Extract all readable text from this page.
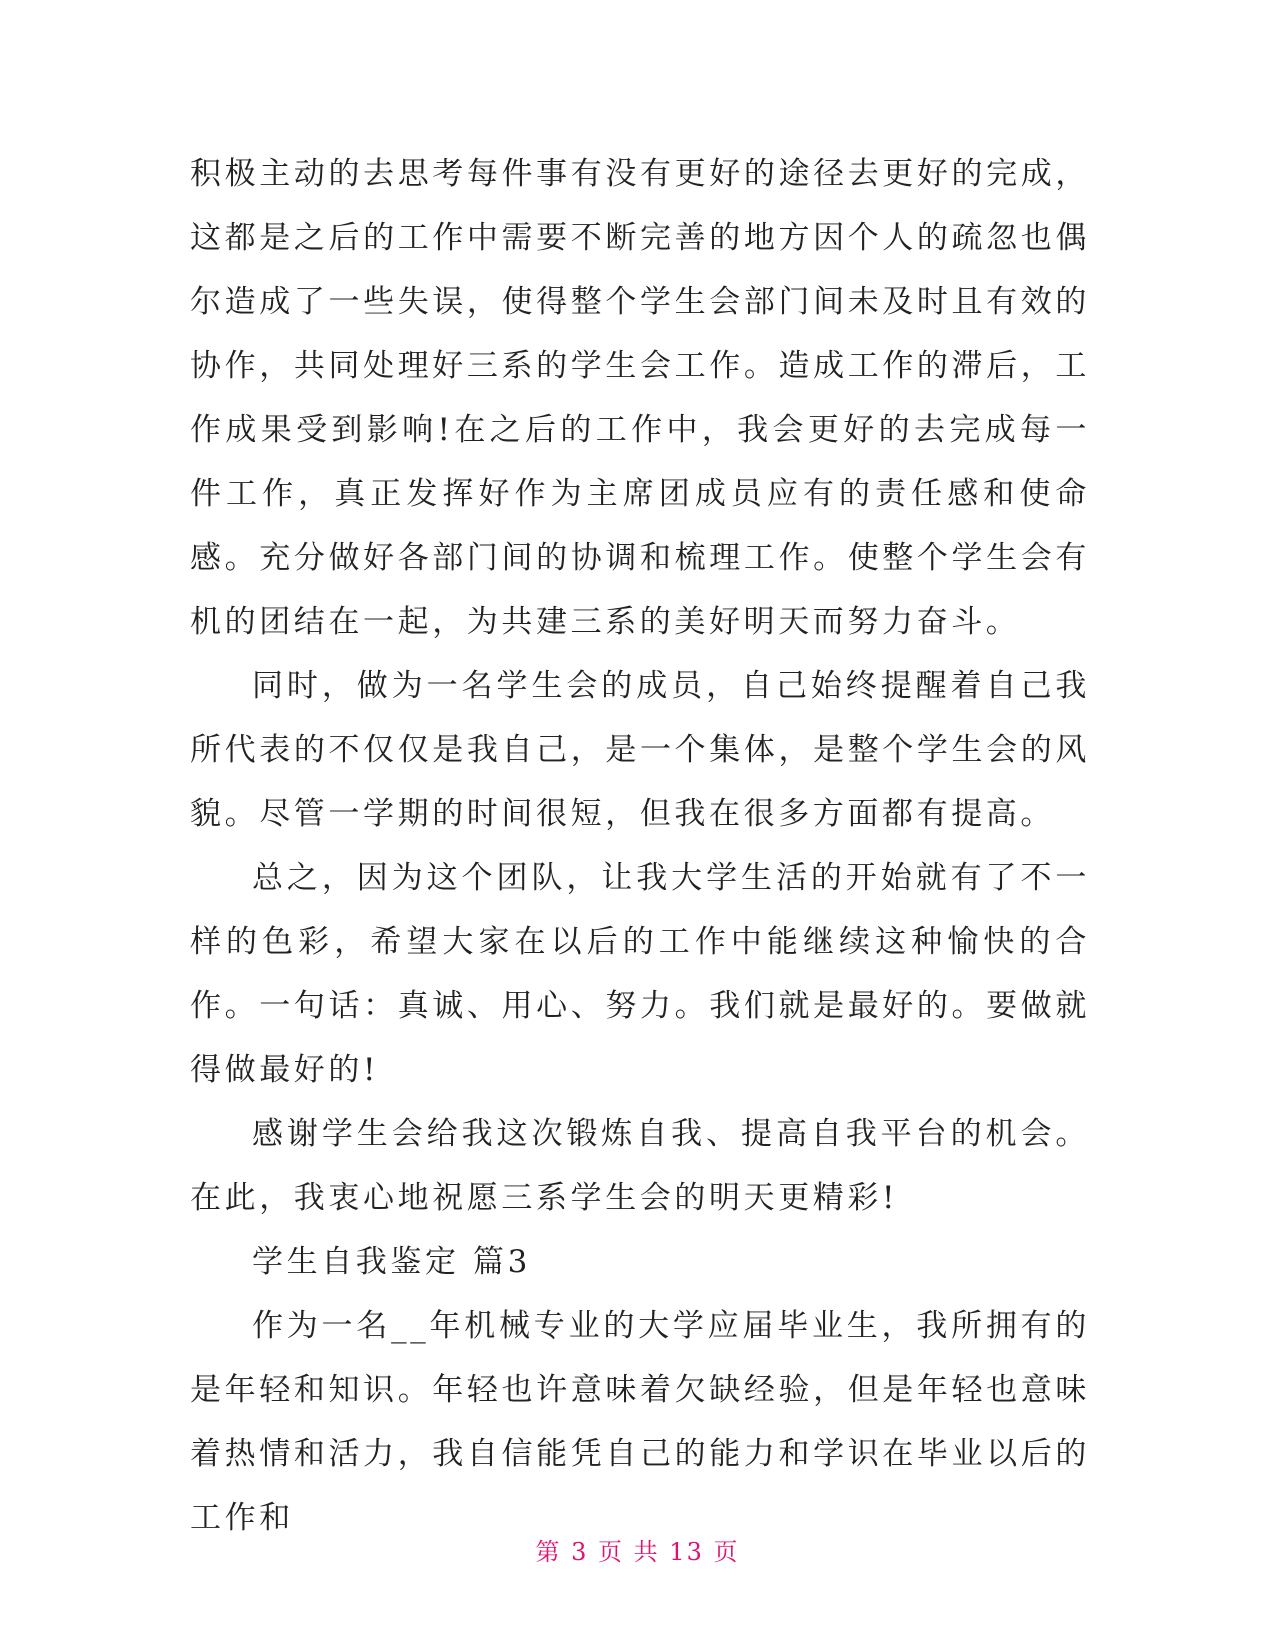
积极主动的去思考每件事有没有更好的途径去更好的完成，这都是之后的工作中需要不断完善的地方因个人的疏忽也偶尔造成了一些失误，使得整个学生会部门间未及时且有效的协作，共同处理好三系的学生会工作。造成工作的滞后，工作成果受到影响!在之后的工作中，我会更好的去完成每一件工作，真正发挥好作为主席团成员应有的责任感和使命感。充分做好各部门间的协调和梳理工作。使整个学生会有机的团结在一起，为共建三系的美好明天而努力奋斗。

同时，做为一名学生会的成员，自己始终提醒着自己我所代表的不仅仅是我自己，是一个集体，是整个学生会的风貌。尽管一学期的时间很短，但我在很多方面都有提高。

总之，因为这个团队，让我大学生活的开始就有了不一样的色彩，希望大家在以后的工作中能继续这种愉快的合作。一句话：真诚、用心、努力。我们就是最好的。要做就得做最好的!

感谢学生会给我这次锻炼自我、提高自我平台的机会。在此，我衷心地祝愿三系学生会的明天更精彩!

学生自我鉴定 篇3

作为一名__年机械专业的大学应届毕业生，我所拥有的是年轻和知识。年轻也许意味着欠缺经验，但是年轻也意味着热情和活力，我自信能凭自己的能力和学识在毕业以后的工作和

第 3 页 共 13 页
